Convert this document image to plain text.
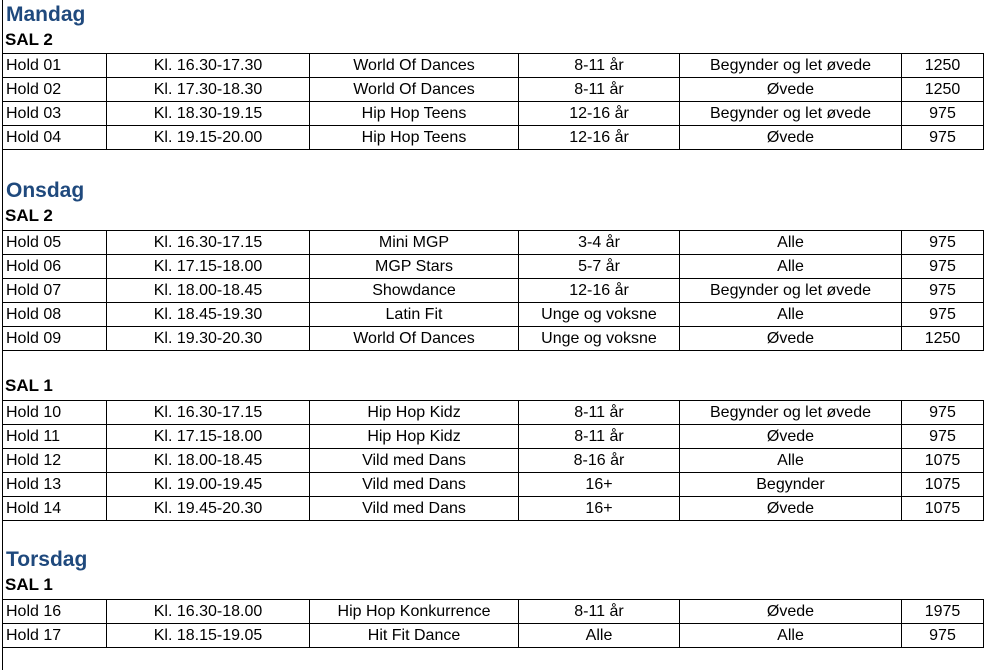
Mandag
SAL 2
Hold 01	Kl. 16.30-17.30	World Of Dances	8-11 år	Begynder og let øvede	1250
Hold 02	Kl. 17.30-18.30	World Of Dances	8-11 år	Øvede	1250
Hold 03	Kl. 18.30-19.15	Hip Hop Teens	12-16 år	Begynder og let øvede	975
Hold 04	Kl. 19.15-20.00	Hip Hop Teens	12-16 år	Øvede	975
Onsdag
SAL 2
Hold 05	Kl. 16.30-17.15	Mini MGP	3-4 år	Alle	975
Hold 06	Kl. 17.15-18.00	MGP Stars	5-7 år	Alle	975
Hold 07	Kl. 18.00-18.45	Showdance	12-16 år	Begynder og let øvede	975
Hold 08	Kl. 18.45-19.30	Latin Fit	Unge og voksne	Alle	975
Hold 09	Kl. 19.30-20.30	World Of Dances	Unge og voksne	Øvede	1250
SAL 1
Hold 10	Kl. 16.30-17.15	Hip Hop Kidz	8-11 år	Begynder og let øvede	975
Hold 11	Kl. 17.15-18.00	Hip Hop Kidz	8-11 år	Øvede	975
Hold 12	Kl. 18.00-18.45	Vild med Dans	8-16 år	Alle	1075
Hold 13	Kl. 19.00-19.45	Vild med Dans	16+	Begynder	1075
Hold 14	Kl. 19.45-20.30	Vild med Dans	16+	Øvede	1075
Torsdag
SAL 1
Hold 16	Kl. 16.30-18.00	Hip Hop Konkurrence	8-11 år	Øvede	1975
Hold 17	Kl. 18.15-19.05	Hit Fit Dance	Alle	Alle	975
